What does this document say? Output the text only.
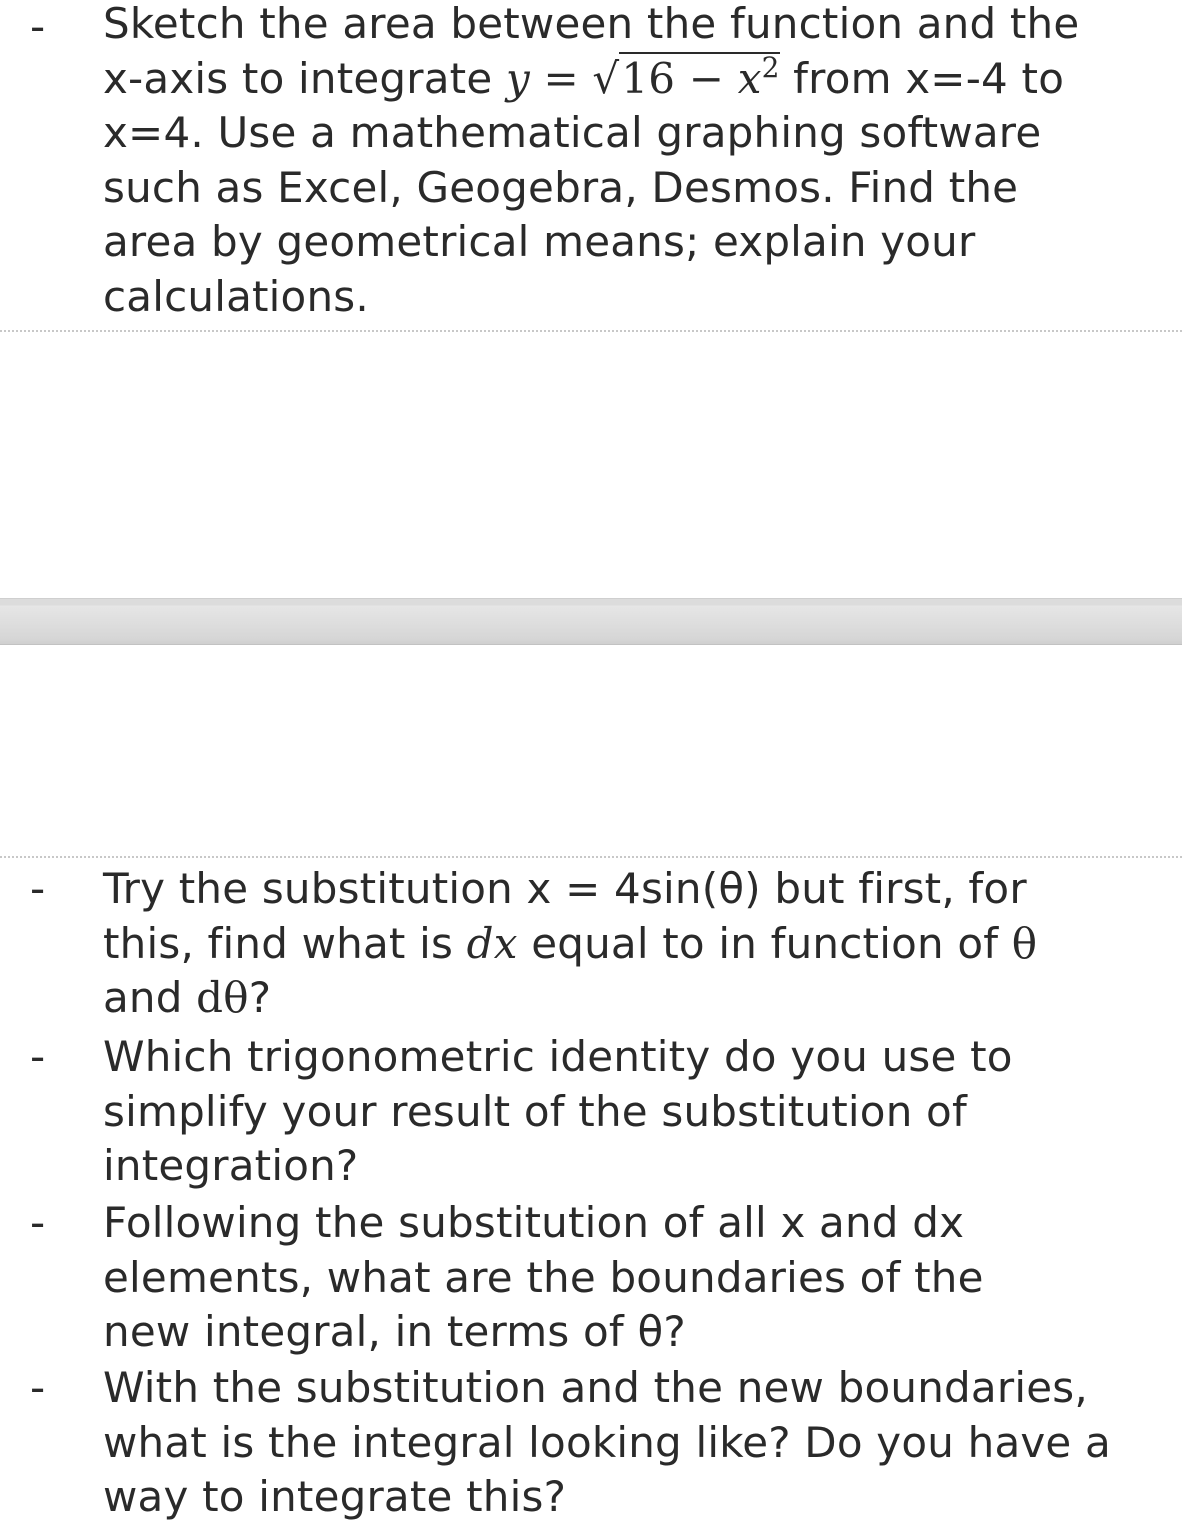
- Sketch the area between the function and the x-axis to integrate $y = √16 - x^2$ from x=-4 to x=4. Use a mathematical graphing software such as Excel, Geogebra, Desmos. Find the area by geometrical means; explain your calculations.
- Try the substitution x = 4sin(θ) but first, for this, find what is dx equal to in function of θ and dθ?
- Which trigonometric identity do you use to simplify your result of the substitution of integration?
- Following the substitution of all x and dx elements, what are the boundaries of the new integral, in terms of θ?
- With the substitution and the new boundaries, what is the integral looking like? Do you have a way to integrate this?
